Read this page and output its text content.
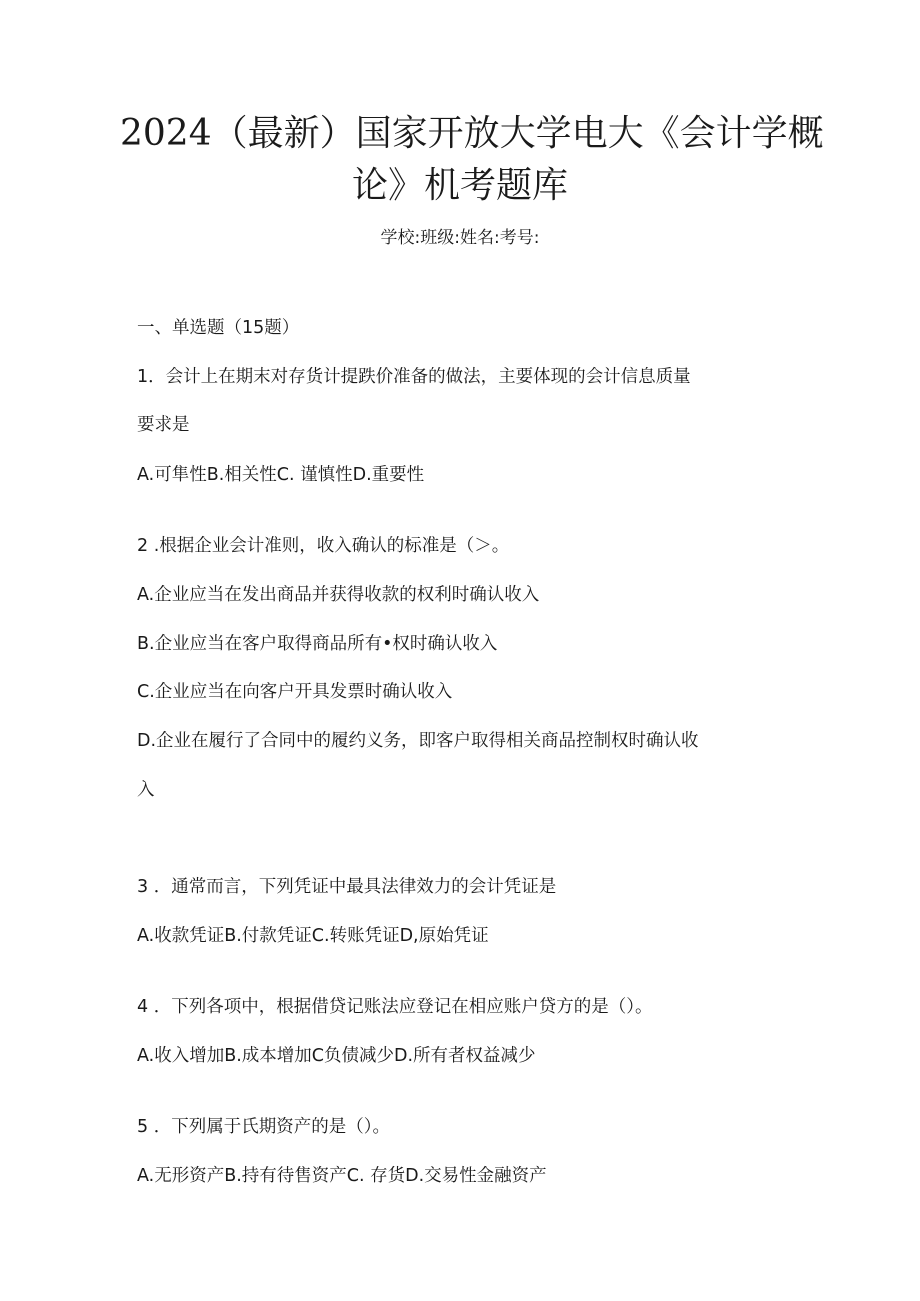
2024（最新）国家开放大学电大《会计学概
论》机考题库
学校:班级:姓名:考号:
一、单选题（15题）
1．会计上在期末对存货计提跌价准备的做法，主要体现的会计信息质量
要求是
A.可隼性B.相关性C. 谨慎性D.重要性
2 .根据企业会计准则，收入确认的标准是（＞。
A.企业应当在发出商品并获得收款的权利时确认收入
B.企业应当在客户取得商品所有•权时确认收入
C.企业应当在向客户开具发票时确认收入
D.企业在履行了合同中的履约义务，即客户取得相关商品控制权时确认收
入
3 ．通常而言，下列凭证中最具法律效力的会计凭证是
A.收款凭证B.付款凭证C.转账凭证D,原始凭证
4 ．下列各项中，根据借贷记账法应登记在相应账户贷方的是（）。
A.收入增加B.成本增加C负债减少D.所有者权益减少
5 ．下列属于氏期资产的是（）。
A.无形资产B.持有待售资产C. 存货D.交易性金融资产
